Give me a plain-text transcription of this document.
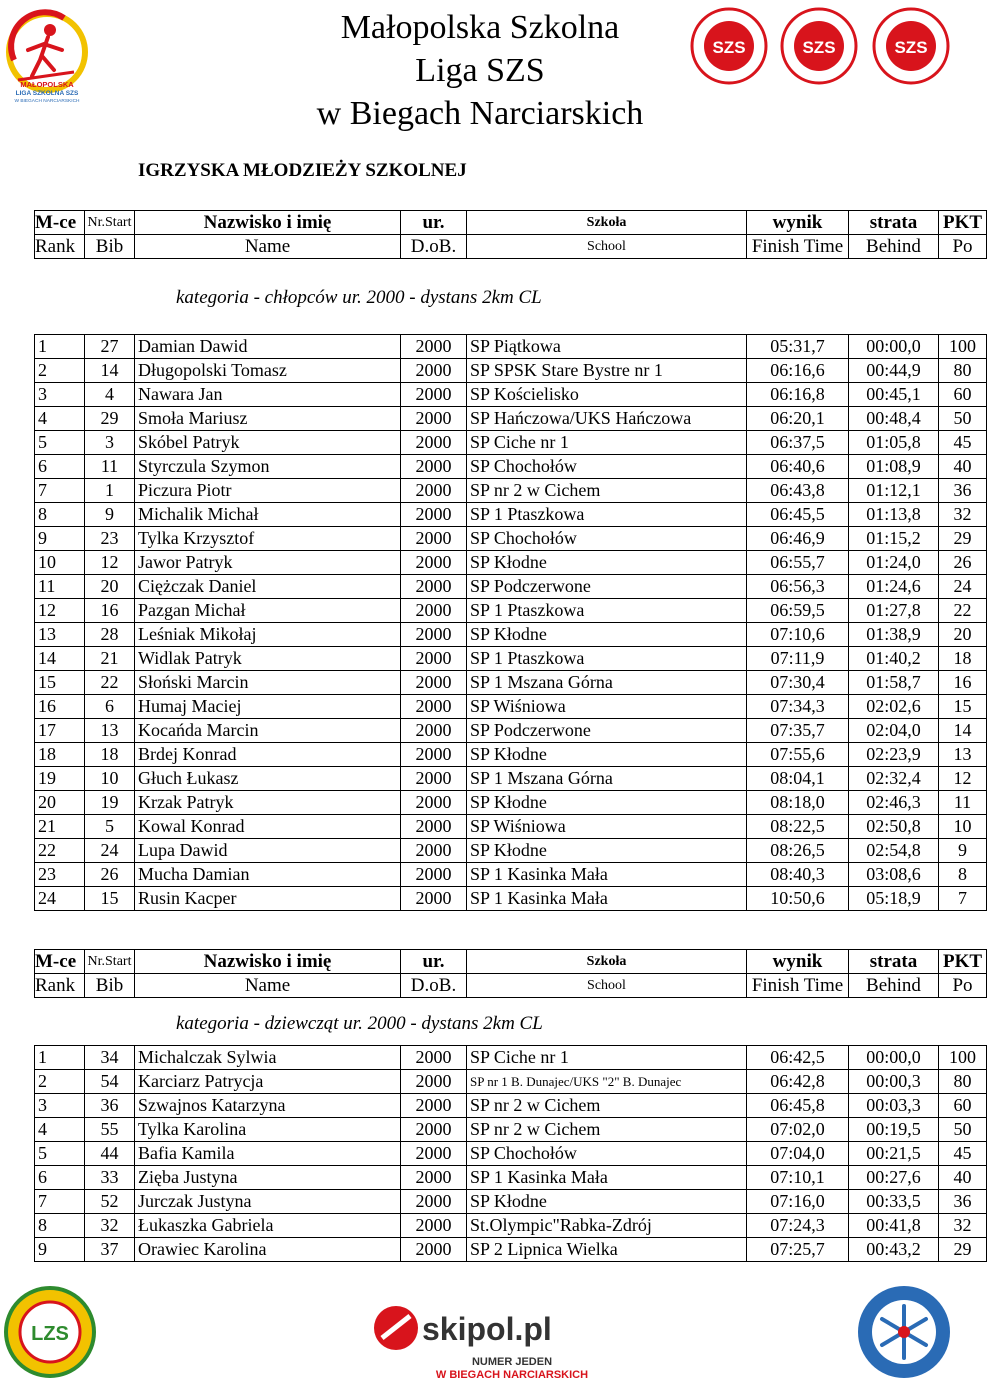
MAŁOPOLSKA
LIGA SZKOLNA SZS
W BIEGACH NARCIARSKICH
Małopolska Szkolna
Liga SZS
w Biegach Narciarskich
SZS	SZS	SZS
IGRZYSKA MŁODZIEŻY SZKOLNEJ
M-ce	Nr.Start	Nazwisko i imię	ur.	Szkoła	wynik	strata	PKT
Rank	Bib	Name	D.oB.	School	Finish Time	Behind	Po
kategoria - chłopców ur. 2000 - dystans 2km CL
1	27	Damian Dawid	2000	SP Piątkowa	05:31,7	00:00,0	100
2	14	Długopolski Tomasz	2000	SP SPSK Stare Bystre nr 1	06:16,6	00:44,9	80
3	4	Nawara Jan	2000	SP Kościelisko	06:16,8	00:45,1	60
4	29	Smoła Mariusz	2000	SP Hańczowa/UKS Hańczowa	06:20,1	00:48,4	50
5	3	Skóbel Patryk	2000	SP Ciche nr 1	06:37,5	01:05,8	45
6	11	Styrczula Szymon	2000	SP Chochołów	06:40,6	01:08,9	40
7	1	Piczura Piotr	2000	SP nr 2 w Cichem	06:43,8	01:12,1	36
8	9	Michalik Michał	2000	SP 1 Ptaszkowa	06:45,5	01:13,8	32
9	23	Tylka Krzysztof	2000	SP Chochołów	06:46,9	01:15,2	29
10	12	Jawor Patryk	2000	SP Kłodne	06:55,7	01:24,0	26
11	20	Ciężczak Daniel	2000	SP Podczerwone	06:56,3	01:24,6	24
12	16	Pazgan Michał	2000	SP 1 Ptaszkowa	06:59,5	01:27,8	22
13	28	Leśniak Mikołaj	2000	SP Kłodne	07:10,6	01:38,9	20
14	21	Widlak Patryk	2000	SP 1 Ptaszkowa	07:11,9	01:40,2	18
15	22	Słoński Marcin	2000	SP 1 Mszana Górna	07:30,4	01:58,7	16
16	6	Humaj Maciej	2000	SP Wiśniowa	07:34,3	02:02,6	15
17	13	Kocańda Marcin	2000	SP Podczerwone	07:35,7	02:04,0	14
18	18	Brdej Konrad	2000	SP Kłodne	07:55,6	02:23,9	13
19	10	Głuch Łukasz	2000	SP 1 Mszana Górna	08:04,1	02:32,4	12
20	19	Krzak Patryk	2000	SP Kłodne	08:18,0	02:46,3	11
21	5	Kowal Konrad	2000	SP Wiśniowa	08:22,5	02:50,8	10
22	24	Lupa Dawid	2000	SP Kłodne	08:26,5	02:54,8	9
23	26	Mucha Damian	2000	SP 1 Kasinka Mała	08:40,3	03:08,6	8
24	15	Rusin Kacper	2000	SP 1 Kasinka Mała	10:50,6	05:18,9	7
M-ce	Nr.Start	Nazwisko i imię	ur.	Szkoła	wynik	strata	PKT
Rank	Bib	Name	D.oB.	School	Finish Time	Behind	Po
kategoria - dziewcząt ur. 2000 - dystans 2km CL
1	34	Michalczak Sylwia	2000	SP Ciche nr 1	06:42,5	00:00,0	100
2	54	Karciarz Patrycja	2000	SP nr 1 B. Dunajec/UKS "2" B. Dunajec	06:42,8	00:00,3	80
3	36	Szwajnos Katarzyna	2000	SP nr 2 w Cichem	06:45,8	00:03,3	60
4	55	Tylka Karolina	2000	SP nr 2 w Cichem	07:02,0	00:19,5	50
5	44	Bafia Kamila	2000	SP Chochołów	07:04,0	00:21,5	45
6	33	Zięba Justyna	2000	SP 1 Kasinka Mała	07:10,1	00:27,6	40
7	52	Jurczak Justyna	2000	SP Kłodne	07:16,0	00:33,5	36
8	32	Łukaszka Gabriela	2000	St.Olympic"Rabka-Zdrój	07:24,3	00:41,8	32
9	37	Orawiec Karolina	2000	SP 2 Lipnica Wielka	07:25,7	00:43,2	29
LZS	skipol.pl
NUMER JEDEN
W BIEGACH NARCIARSKICH
